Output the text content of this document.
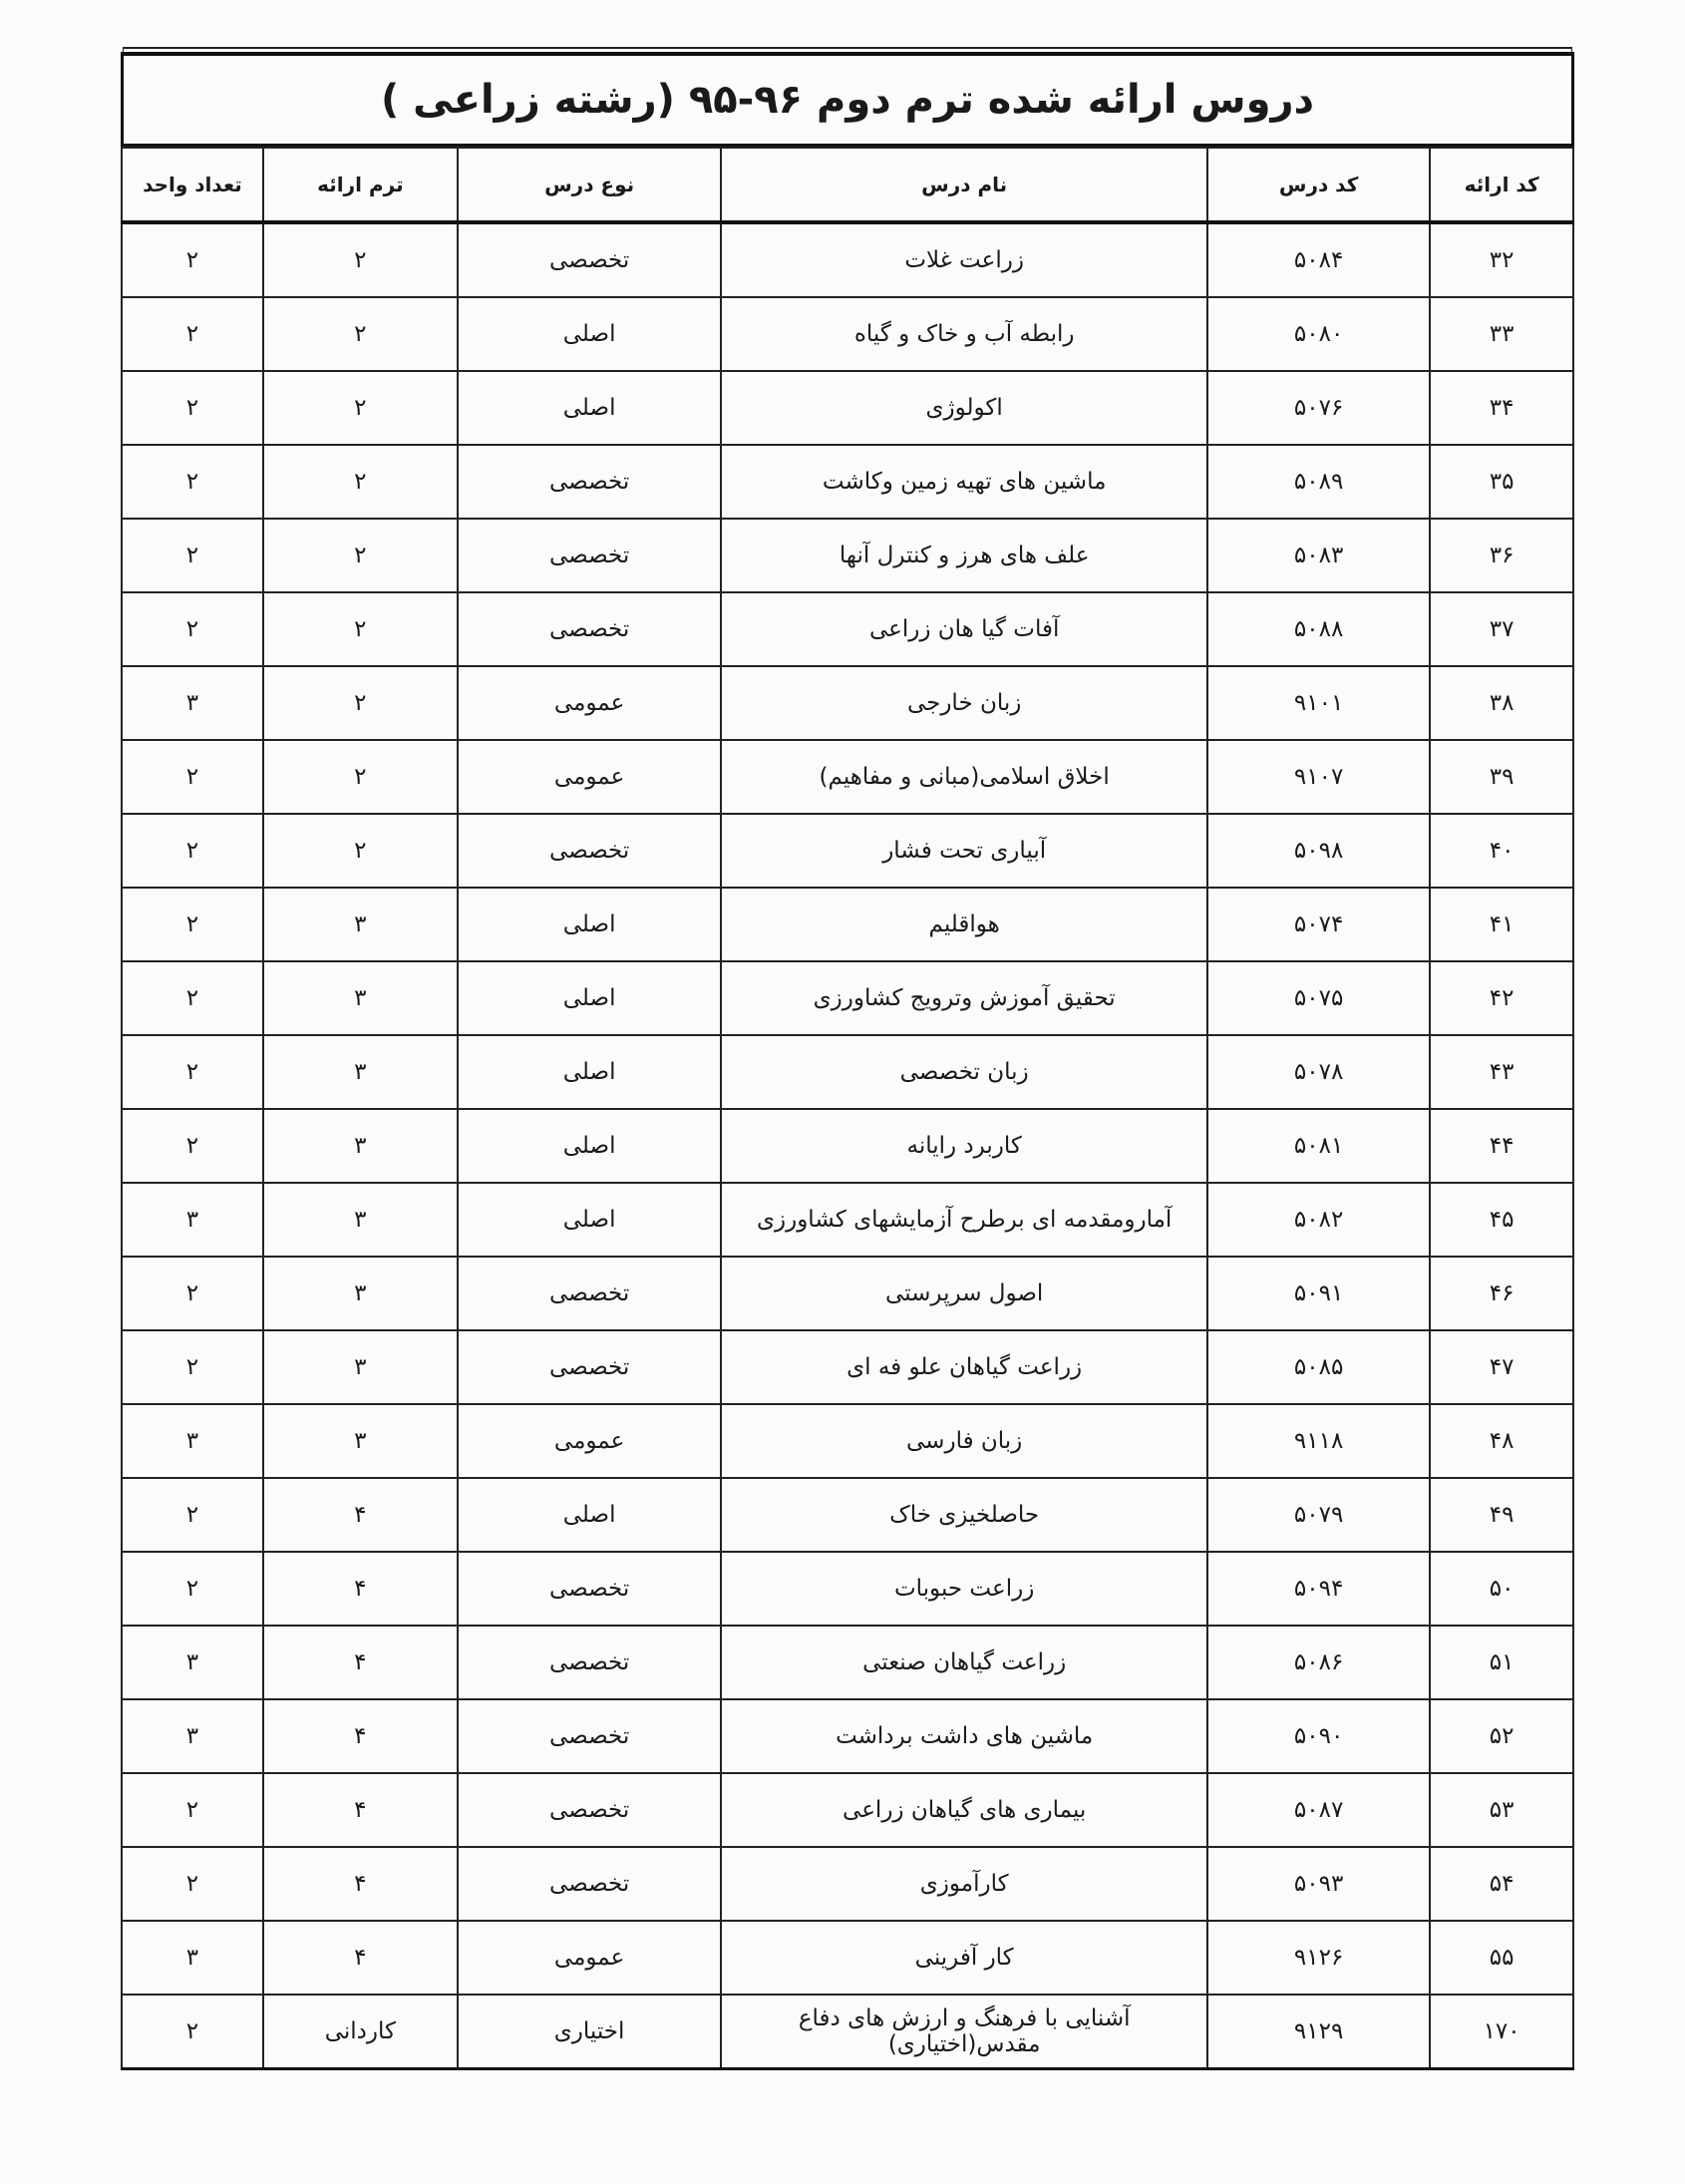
دروس ارائه شده ترم دوم ۹۶-۹۵ (رشته زراعی )
کد ارائه	کد درس	نام درس	نوع درس	ترم ارائه	تعداد واحد
۳۲	۵۰۸۴	زراعت غلات	تخصصی	۲	۲
۳۳	۵۰۸۰	رابطه آب و خاک و گیاه	اصلی	۲	۲
۳۴	۵۰۷۶	اکولوژی	اصلی	۲	۲
۳۵	۵۰۸۹	ماشین های تهیه زمین وکاشت	تخصصی	۲	۲
۳۶	۵۰۸۳	علف های هرز و کنترل آنها	تخصصی	۲	۲
۳۷	۵۰۸۸	آفات گیا هان زراعی	تخصصی	۲	۲
۳۸	۹۱۰۱	زبان خارجی	عمومی	۲	۳
۳۹	۹۱۰۷	اخلاق اسلامی(مبانی و مفاهیم)	عمومی	۲	۲
۴۰	۵۰۹۸	آبیاری تحت فشار	تخصصی	۲	۲
۴۱	۵۰۷۴	هواقلیم	اصلی	۳	۲
۴۲	۵۰۷۵	تحقیق آموزش وترویج کشاورزی	اصلی	۳	۲
۴۳	۵۰۷۸	زبان تخصصی	اصلی	۳	۲
۴۴	۵۰۸۱	کاربرد رایانه	اصلی	۳	۲
۴۵	۵۰۸۲	آمارومقدمه ای برطرح آزمایشهای کشاورزی	اصلی	۳	۳
۴۶	۵۰۹۱	اصول سرپرستی	تخصصی	۳	۲
۴۷	۵۰۸۵	زراعت گیاهان علو فه ای	تخصصی	۳	۲
۴۸	۹۱۱۸	زبان فارسی	عمومی	۳	۳
۴۹	۵۰۷۹	حاصلخیزی خاک	اصلی	۴	۲
۵۰	۵۰۹۴	زراعت حبوبات	تخصصی	۴	۲
۵۱	۵۰۸۶	زراعت گیاهان صنعتی	تخصصی	۴	۳
۵۲	۵۰۹۰	ماشین های داشت برداشت	تخصصی	۴	۳
۵۳	۵۰۸۷	بیماری های گیاهان زراعی	تخصصی	۴	۲
۵۴	۵۰۹۳	کارآموزی	تخصصی	۴	۲
۵۵	۹۱۲۶	کار آفرینی	عمومی	۴	۳
۱۷۰	۹۱۲۹	آشنایی با فرهنگ و ارزش های دفاع مقدس(اختیاری)	اختیاری	کاردانی	۲
